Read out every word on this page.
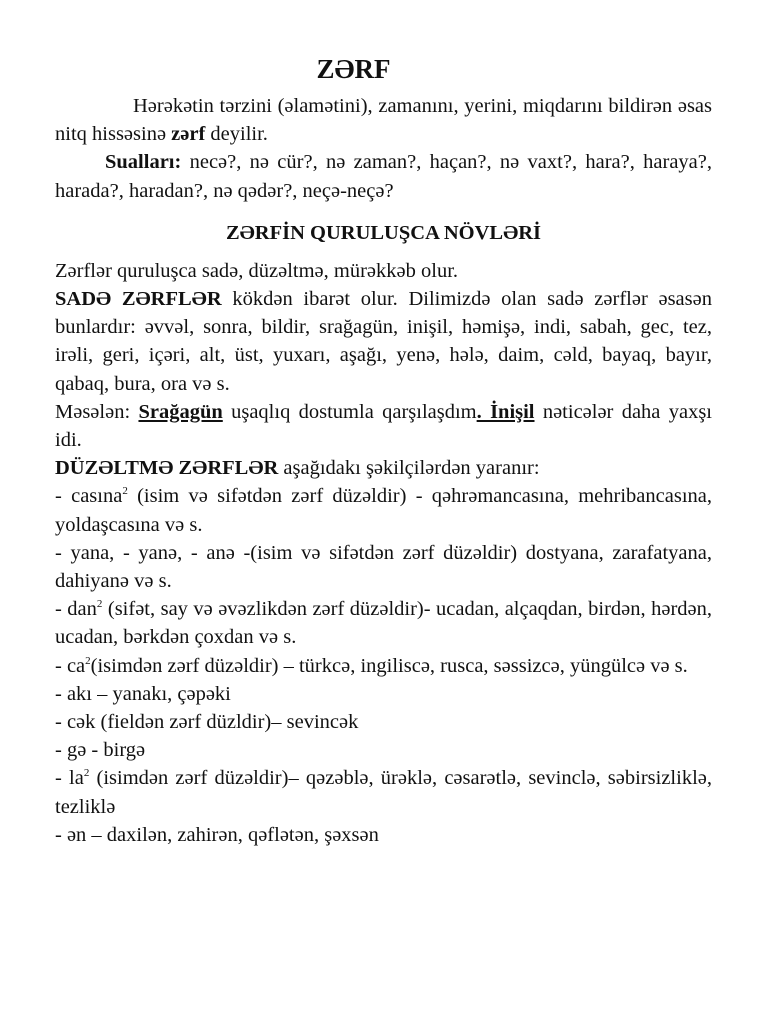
ZƏRF

Hərəkətin tərzini (əlamətini), zamanını, yerini, miqdarını bildirən əsas nitq hissəsinə zərf deyilir.

Sualları: necə?, nə cür?, nə zaman?, haçan?, nə vaxt?, hara?, haraya?, harada?, haradan?, nə qədər?, neçə-neçə?

ZƏRFİN QURULUŞCA NÖVLƏRİ

Zərflər quruluşca sadə, düzəltmə, mürəkkəb olur.

SADƏ ZƏRFLƏR kökdən ibarət olur. Dilimizdə olan sadə zərflər əsasən bunlardır: əvvəl, sonra, bildir, srağagün, inişil, həmişə, indi, sabah, gec, tez, irəli, geri, içəri, alt, üst, yuxarı, aşağı, yenə, hələ, daim, cəld, bayaq, bayır, qabaq, bura, ora və s.

Məsələn: Srağagün uşaqlıq dostumla qarşılaşdım. İnişil nəticələr daha yaxşı idi.

DÜZƏLTMƏ ZƏRFLƏR aşağıdakı şəkilçilərdən yaranır:

- casına$^2$ (isim və sifətdən zərf düzəldir) - qəhrəmancasına, mehribancasına, yoldaşcasına və s.

- yana, - yanə, - anə -(isim və sifətdən zərf düzəldir) dostyana, zarafatyana, dahiyanə və s.

- dan$^2$ (sifət, say və əvəzlikdən zərf düzəldir)- ucadan, alçaqdan, birdən, hərdən, ucadan, bərkdən çoxdan və s.

- $ca^2(isimdən$ zərf düzəldir) – türkcə, ingiliscə, rusca, səssizcə, yüngülcə və s.

- akı – yanakı, çəpəki

- cək (fieldən zərf düzldir)– sevincək

- gə - birgə

- $la^2$ (isimdən zərf düzəldir)– qəzəblə, ürəklə, cəsarətlə, sevinclə, səbirsizliklə, tezliklə

- ən – daxilən, zahirən, qəflətən, şəxsən
